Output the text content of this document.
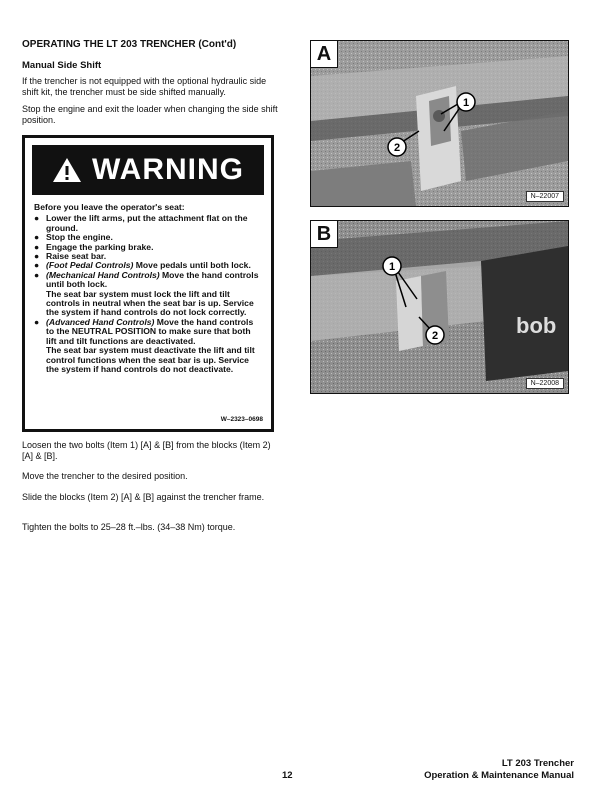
OPERATING THE LT 203 TRENCHER (Cont'd)
Manual Side Shift

If the trencher is not equipped with the optional hydraulic side shift kit, the trencher must be side shifted manually.

Stop the engine and exit the loader when changing the side shift position.

WARNING
Before you leave the operator's seat:
● Lower the lift arms, put the attachment flat on the ground.
● Stop the engine.
● Engage the parking brake.
● Raise seat bar.
● (Foot Pedal Controls) Move pedals until both lock.
● (Mechanical Hand Controls) Move the hand controls until both lock.
The seat bar system must lock the lift and tilt controls in neutral when the seat bar is up. Service the system if hand controls do not lock correctly.
● (Advanced Hand Controls) Move the hand controls to the NEUTRAL POSITION to make sure that both lift and tilt functions are deactivated.
The seat bar system must deactivate the lift and tilt control functions when the seat bar is up. Service the system if hand controls do not deactivate.
W–2323–0698

Loosen the two bolts (Item 1) [A] & [B] from the blocks (Item 2) [A] & [B].

Move the trencher to the desired position.

Slide the blocks (Item 2) [A] & [B] against the trencher frame.

Tighten the bolts to 25–28 ft.–lbs. (34–38 Nm) torque.

1
2
A
N–22007
bob
1
2
B
N–22008
12
LT 203 Trencher
Operation & Maintenance Manual
